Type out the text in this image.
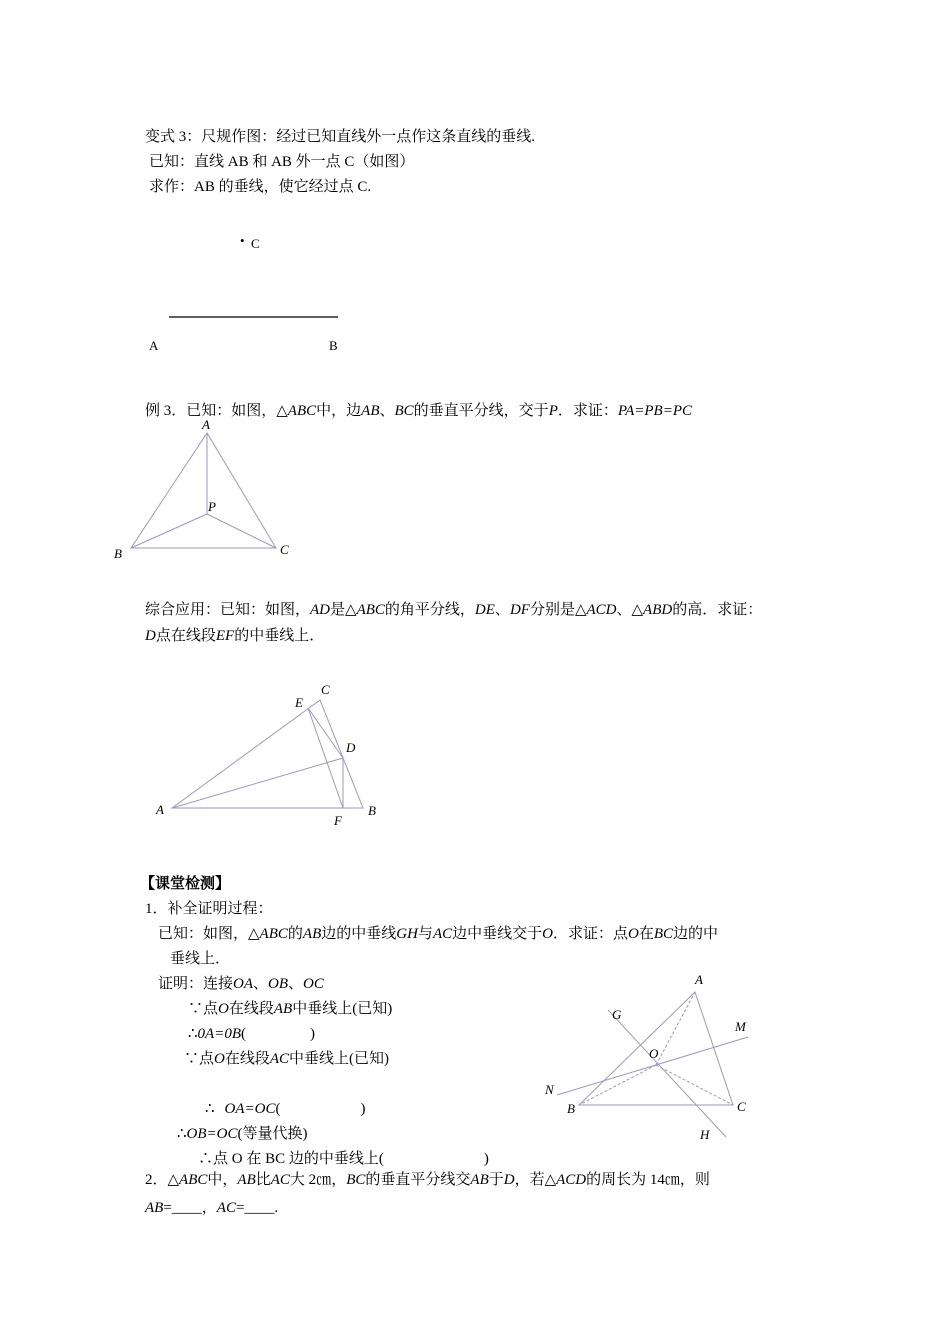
变式 3：尺规作图：经过已知直线外一点作这条直线的垂线.
已知：直线 AB 和 AB 外一点 C（如图）
求作：AB 的垂线，使它经过点 C.
• C
A	B
例 3．已知：如图，△ABC中，边AB、BC的垂直平分线，交于P．求证：PA=PB=PC
A
B	C
P
综合应用：已知：如图，AD是△ABC的角平分线，DE、DF分别是△ACD、△ABD的高．求证：
D点在线段EF的中垂线上．
A	B
C
D
E
F
【课堂检测】
1．补全证明过程：
已知：如图，△ABC的AB边的中垂线GH与AC边中垂线交于O．求证：点O在BC边的中
垂线上．
证明：连接OA、OB、OC
∵点O在线段AB中垂线上(已知)
∴0A=0B(	)
∵点O在线段AC中垂线上(已知)
∴ OA=OC(	)
∴OB=OC(等量代换)
∴点 O 在 BC 边的中垂线上(	)
A
B	C
G
H
M
N
O
2．△ABC中，AB比AC大 2㎝，BC的垂直平分线交AB于D，若△ACD的周长为 14㎝，则
AB=____，AC=____.
